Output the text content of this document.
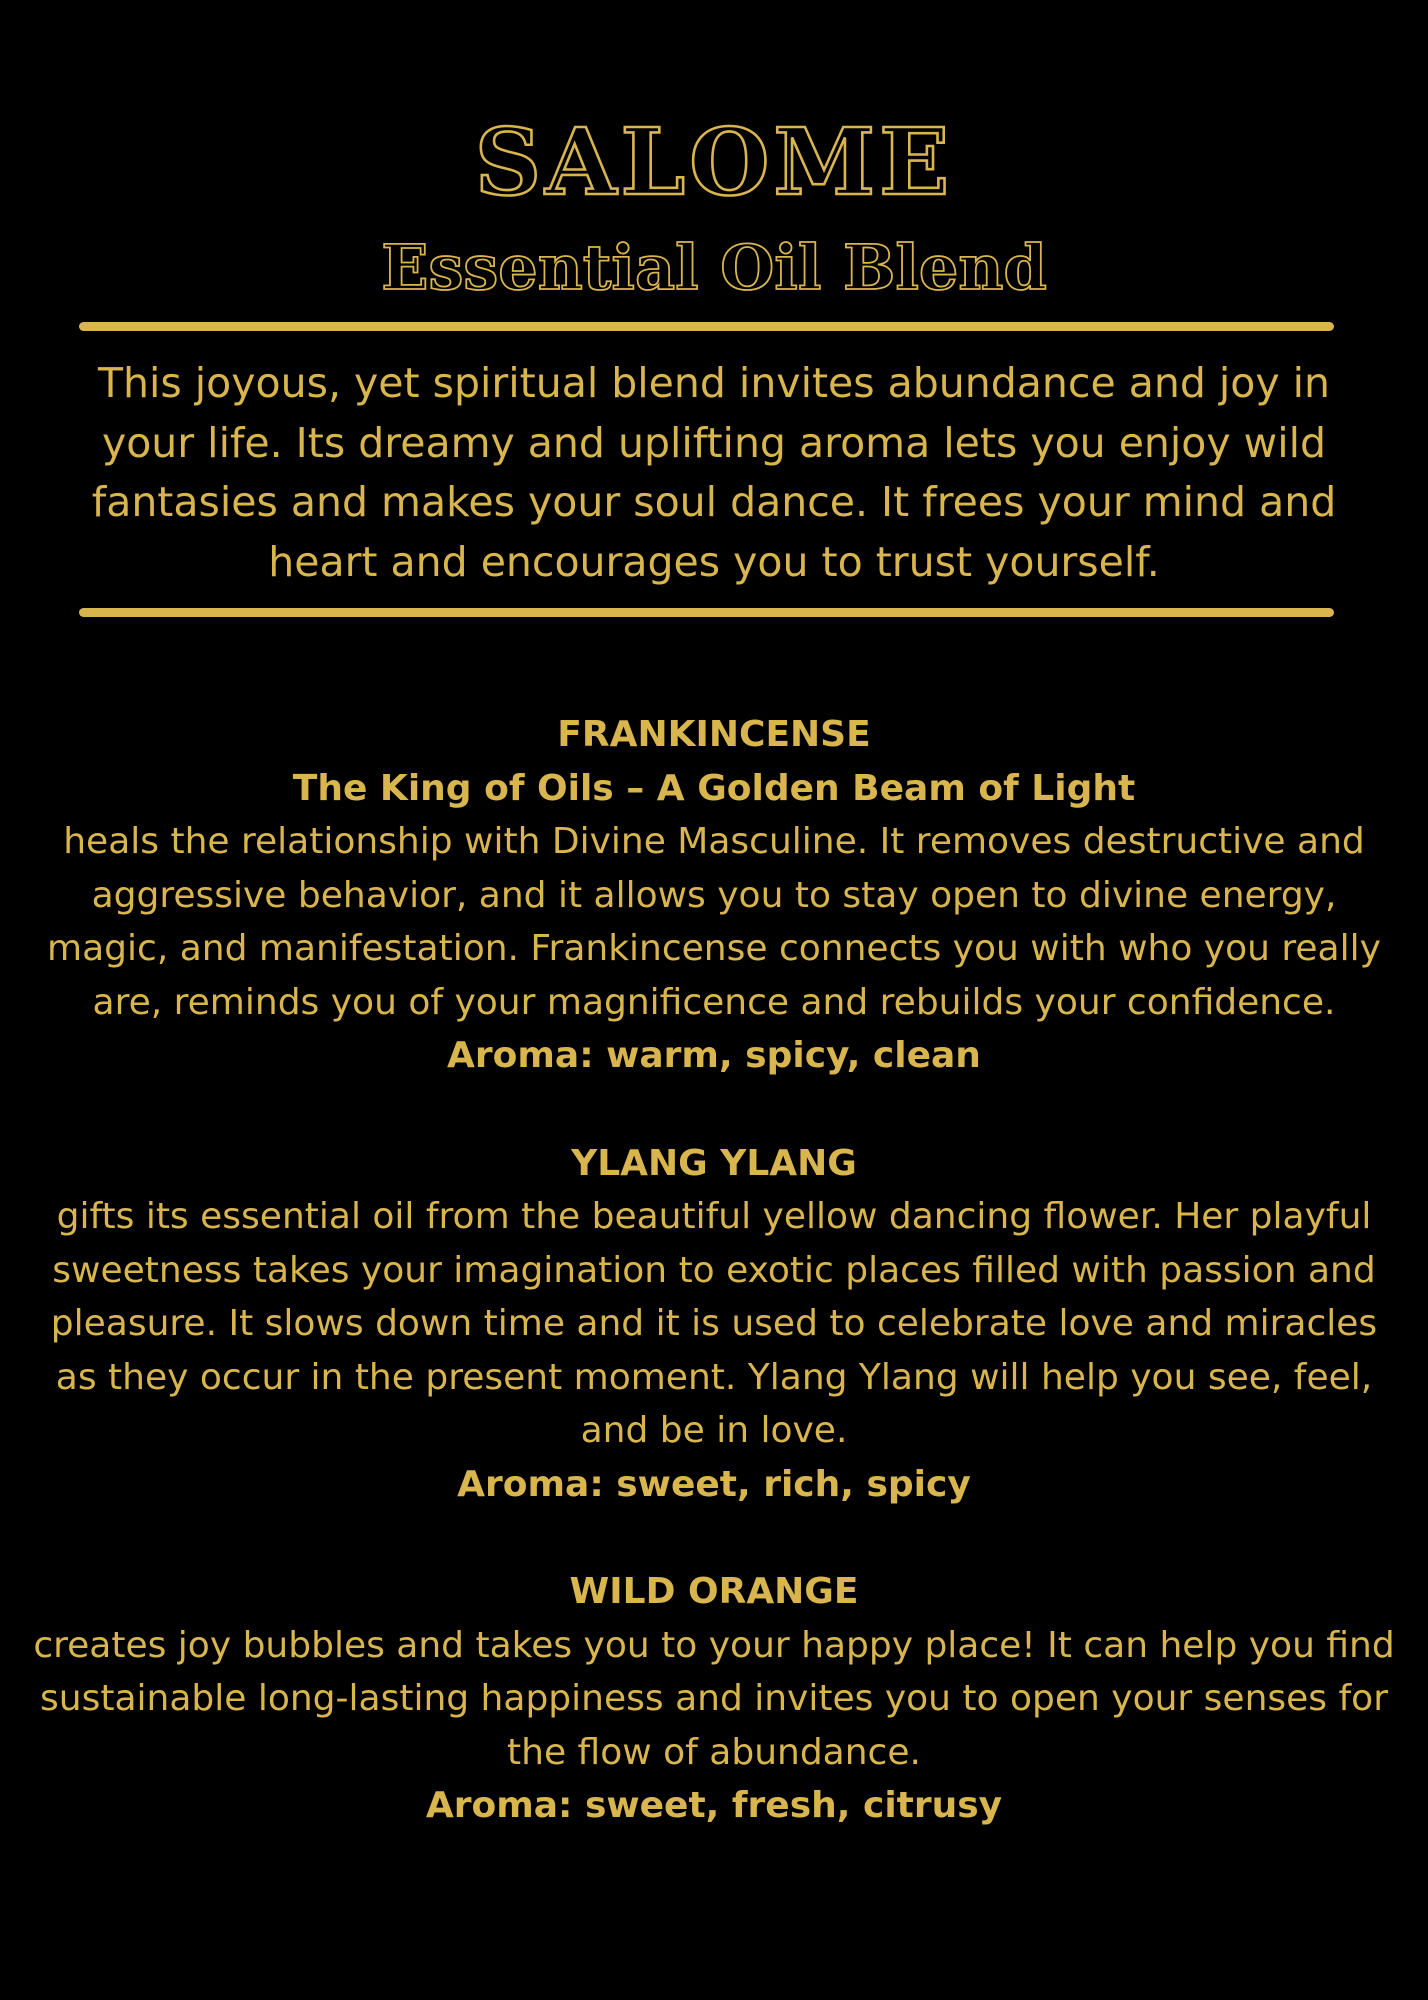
SALOME
Essential Oil Blend

This joyous, yet spiritual blend invites abundance and joy in your life. Its dreamy and uplifting aroma lets you enjoy wild fantasies and makes your soul dance. It frees your mind and heart and encourages you to trust yourself.

FRANKINCENSE

The King of Oils – A Golden Beam of Light

heals the relationship with Divine Masculine. It removes destructive and aggressive behavior, and it allows you to stay open to divine energy, magic, and manifestation. Frankincense connects you with who you really are, reminds you of your magnificence and rebuilds your confidence.

Aroma: warm, spicy, clean

YLANG YLANG

gifts its essential oil from the beautiful yellow dancing flower. Her playful sweetness takes your imagination to exotic places filled with passion and pleasure. It slows down time and it is used to celebrate love and miracles as they occur in the present moment. Ylang Ylang will help you see, feel, and be in love.

Aroma: sweet, rich, spicy

WILD ORANGE

creates joy bubbles and takes you to your happy place! It can help you find sustainable long-lasting happiness and invites you to open your senses for the flow of abundance.

Aroma: sweet, fresh, citrusy
